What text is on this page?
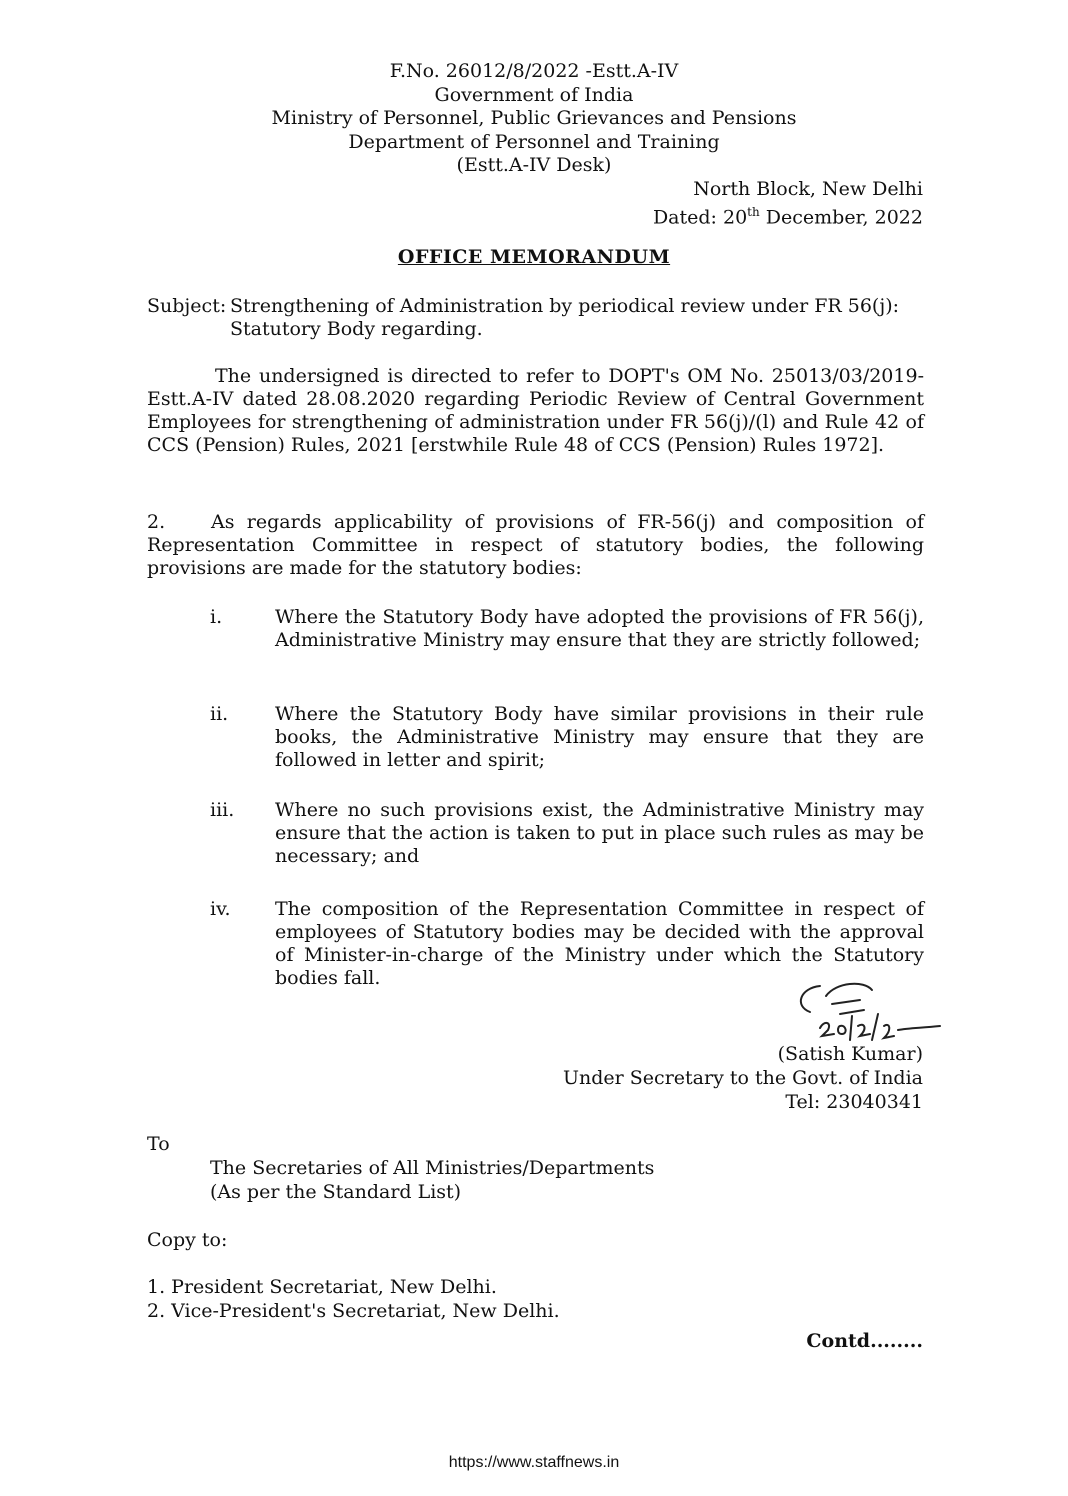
F.No. 26012/8/2022 -Estt.A-IV
Government of India
Ministry of Personnel, Public Grievances and Pensions
Department of Personnel and Training
(Estt.A-IV Desk)
North Block, New Delhi
Dated: 20th December, 2022
OFFICE MEMORANDUM
Subject: Strengthening of Administration by periodical review under FR 56(j):
Statutory Body regarding.
The undersigned is directed to refer to DOPT's OM No. 25013/03/2019-Estt.A-IV dated 28.08.2020 regarding Periodic Review of Central Government Employees for strengthening of administration under FR 56(j)/(l) and Rule 42 of CCS (Pension) Rules, 2021 [erstwhile Rule 48 of CCS (Pension) Rules 1972].
2.	As regards applicability of provisions of FR-56(j) and composition of Representation Committee in respect of statutory bodies, the following provisions are made for the statutory bodies:
i.	Where the Statutory Body have adopted the provisions of FR 56(j), Administrative Ministry may ensure that they are strictly followed;
ii. Where the Statutory Body have similar provisions in their rule books, the Administrative Ministry may ensure that they are followed in letter and spirit;
iii. Where no such provisions exist, the Administrative Ministry may ensure that the action is taken to put in place such rules as may be necessary; and
iv. The composition of the Representation Committee in respect of employees of Statutory bodies may be decided with the approval of Minister-in-charge of the Ministry under which the Statutory bodies fall.
(Satish Kumar)
Under Secretary to the Govt. of India
Tel: 23040341
To
The Secretaries of All Ministries/Departments
(As per the Standard List)
Copy to:
1. President Secretariat, New Delhi.
2. Vice-President's Secretariat, New Delhi.
Contd........
https://www.staffnews.in
